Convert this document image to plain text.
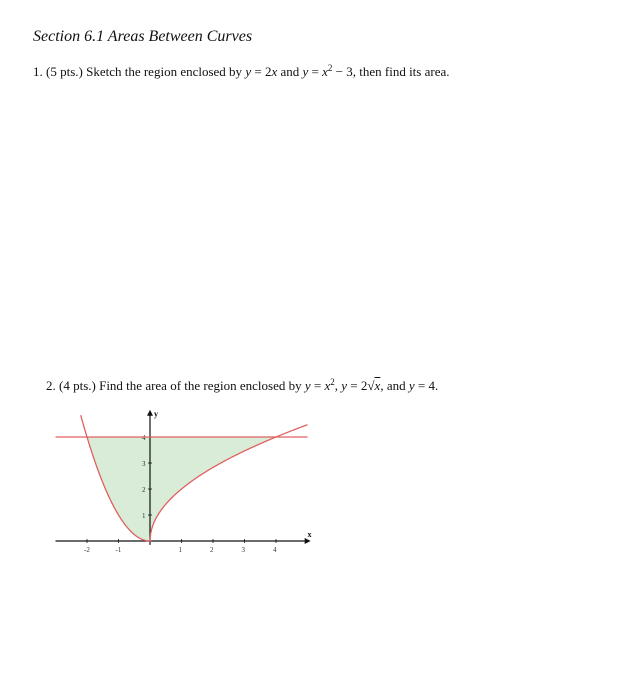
Section 6.1 Areas Between Curves
1. (5 pts.) Sketch the region enclosed by y = 2x and $y = x^2 - 3$, then find its area.
2. (4 pts.) Find the area of the region enclosed by $y = x^2$, y = 2√x, and y = 4.
x
y
-2	-1	1	2	3	4
1
2
3
4
